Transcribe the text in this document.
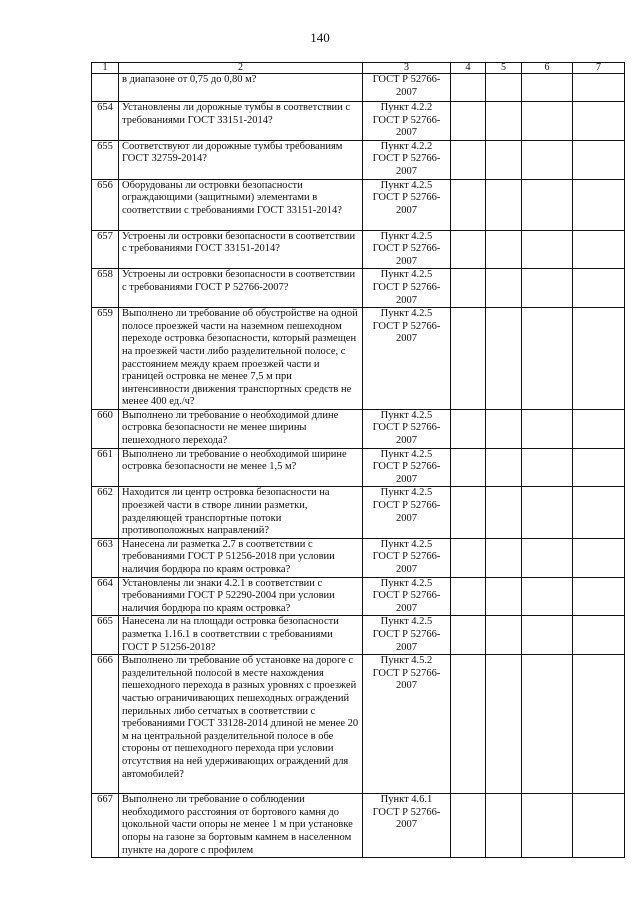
140
1	2	3	4	5	6	7
	в диапазоне от 0,75 до 0,80 м?	ГОСТ Р 52766-2007				
654	Установлены ли дорожные тумбы в соответствии с требованиями ГОСТ 33151-2014?	Пункт 4.2.2 ГОСТ Р 52766-2007				
655	Соответствуют ли дорожные тумбы требованиям ГОСТ 32759-2014?	Пункт 4.2.2 ГОСТ Р 52766-2007				
656	Оборудованы ли островки безопасности ограждающими (защитными) элементами в соответствии с требованиями ГОСТ 33151-2014?	Пункт 4.2.5 ГОСТ Р 52766-2007				
657	Устроены ли островки безопасности в соответствии с требованиями ГОСТ 33151-2014?	Пункт 4.2.5 ГОСТ Р 52766-2007				
658	Устроены ли островки безопасности в соответствии с требованиями ГОСТ Р 52766-2007?	Пункт 4.2.5 ГОСТ Р 52766-2007				
659	Выполнено ли требование об обустройстве на одной полосе проезжей части на наземном пешеходном переходе островка безопасности, который размещен на проезжей части либо разделительной полосе, с расстоянием между краем проезжей части и границей островка не менее 7,5 м при интенсивности движения транспортных средств не менее 400 ед./ч?	Пункт 4.2.5 ГОСТ Р 52766-2007				
660	Выполнено ли требование о необходимой длине островка безопасности не менее ширины пешеходного перехода?	Пункт 4.2.5 ГОСТ Р 52766-2007				
661	Выполнено ли требование о необходимой ширине островка безопасности не менее 1,5 м?	Пункт 4.2.5 ГОСТ Р 52766-2007				
662	Находится ли центр островка безопасности на проезжей части в створе линии разметки, разделяющей транспортные потоки противоположных направлений?	Пункт 4.2.5 ГОСТ Р 52766-2007				
663	Нанесена ли разметка 2.7 в соответствии с требованиями ГОСТ Р 51256-2018 при условии наличия бордюра по краям островка?	Пункт 4.2.5 ГОСТ Р 52766-2007				
664	Установлены ли знаки 4.2.1 в соответствии с требованиями ГОСТ Р 52290-2004 при условии наличия бордюра по краям островка?	Пункт 4.2.5 ГОСТ Р 52766-2007				
665	Нанесена ли на площади островка безопасности разметка 1.16.1 в соответствии с требованиями ГОСТ Р 51256-2018?	Пункт 4.2.5 ГОСТ Р 52766-2007				
666	Выполнено ли требование об установке на дороге с разделительной полосой в месте нахождения пешеходного перехода в разных уровнях с проезжей частью ограничивающих пешеходных ограждений перильных либо сетчатых в соответствии с требованиями ГОСТ 33128-2014 длиной не менее 20 м на центральной разделительной полосе в обе стороны от пешеходного перехода при условии отсутствия на ней удерживающих ограждений для автомобилей?	Пункт 4.5.2 ГОСТ Р 52766-2007				
667	Выполнено ли требование о соблюдении необходимого расстояния от бортового камня до цокольной части опоры не менее 1 м при установке опоры на газоне за бортовым камнем в населенном пункте на дороге с профилем	Пункт 4.6.1 ГОСТ Р 52766-2007				
